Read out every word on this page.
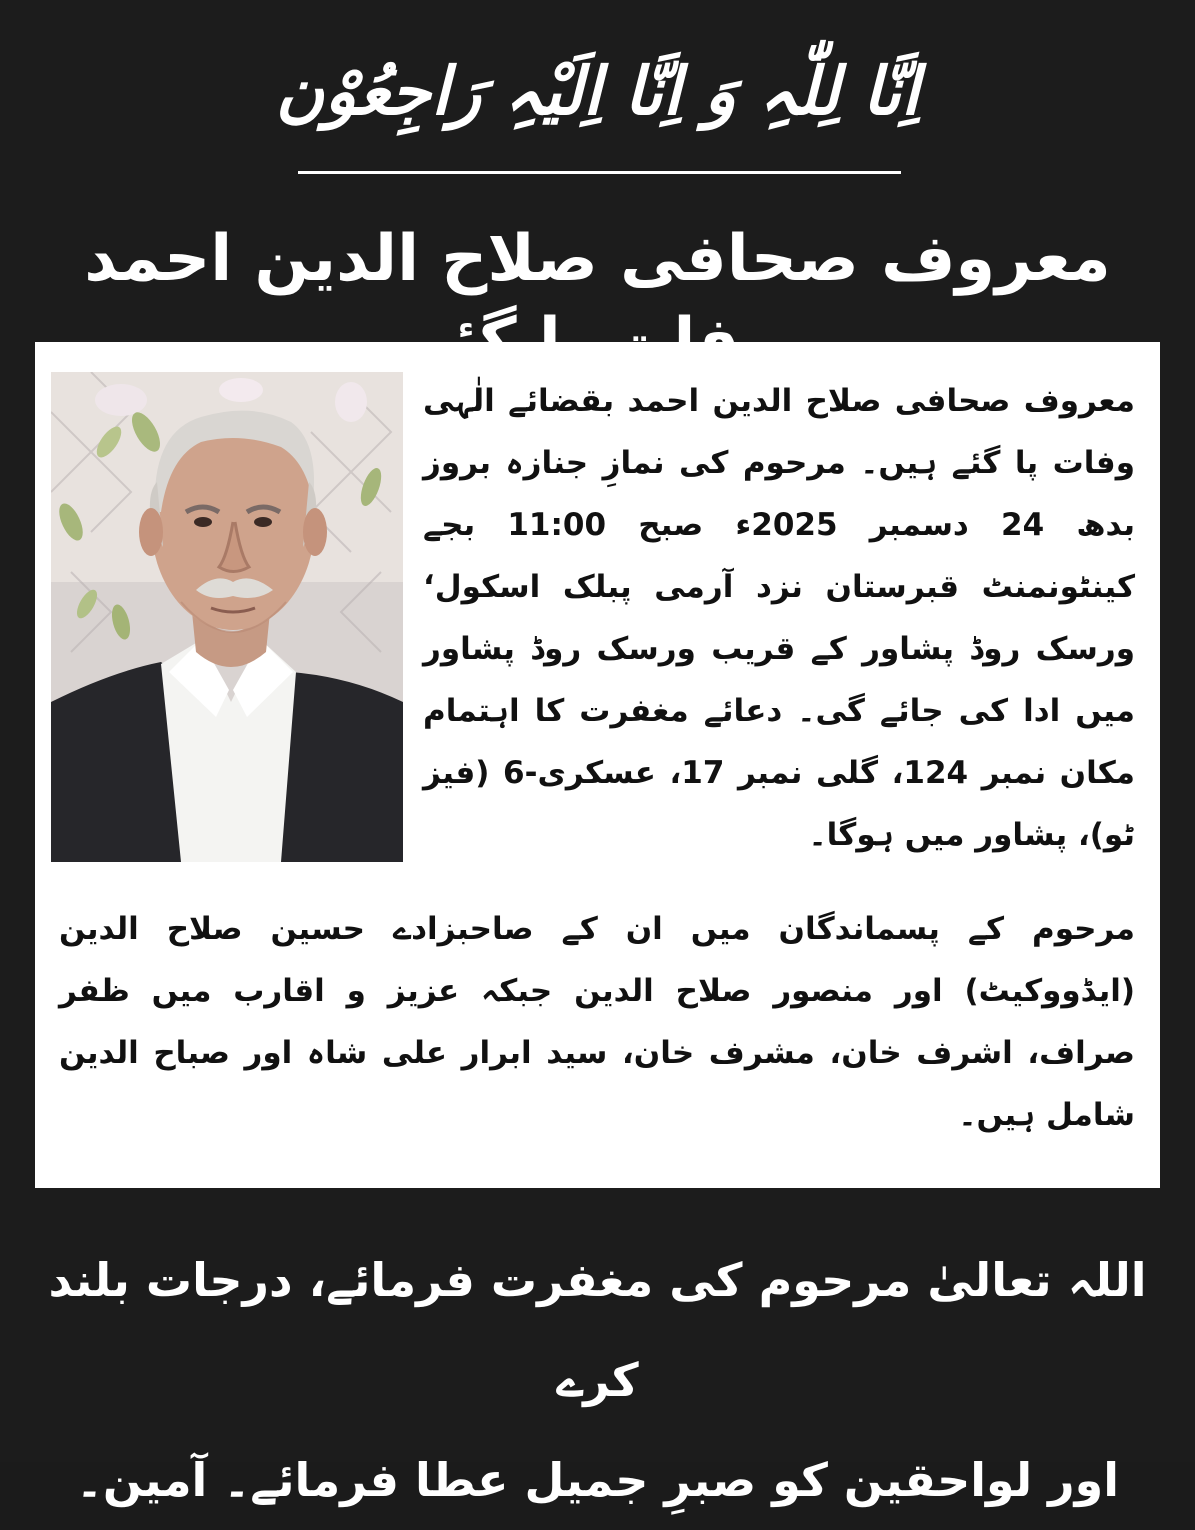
اِنَّا لِلّٰہِ وَ اِنَّا اِلَیْہِ رَاجِعُوْن
معروف صحافی صلاح الدین احمد

معروف صحافی صلاح الدین احمد بقضائے الٰہی وفات پا گئے ہیں۔ مرحوم کی نمازِ جنازہ بروز بدھ 24 دسمبر 2025ء صبح 11:00 بجے کینٹونمنٹ قبرستان نزد آرمی پبلک اسکول‘ ورسک روڈ پشاور کے قریب ورسک روڈ پشاور میں ادا کی جائے گی۔ دعائے مغفرت کا اہتمام مکان نمبر 124، گلی نمبر 17، عسکری-6 (فیز ٹو)، پشاور میں ہوگا۔

مرحوم کے پسماندگان میں ان کے صاحبزادے حسین صلاح الدین (ایڈووکیٹ) اور منصور صلاح الدین جبکہ عزیز و اقارب میں ظفر صراف، اشرف خان، مشرف خان، سید ابرار علی شاہ اور صباح الدین شامل ہیں۔

اللہ تعالیٰ مرحوم کی مغفرت فرمائے، درجات بلند کرے

اور لواحقین کو صبرِ جمیل عطا فرمائے۔ آمین۔
